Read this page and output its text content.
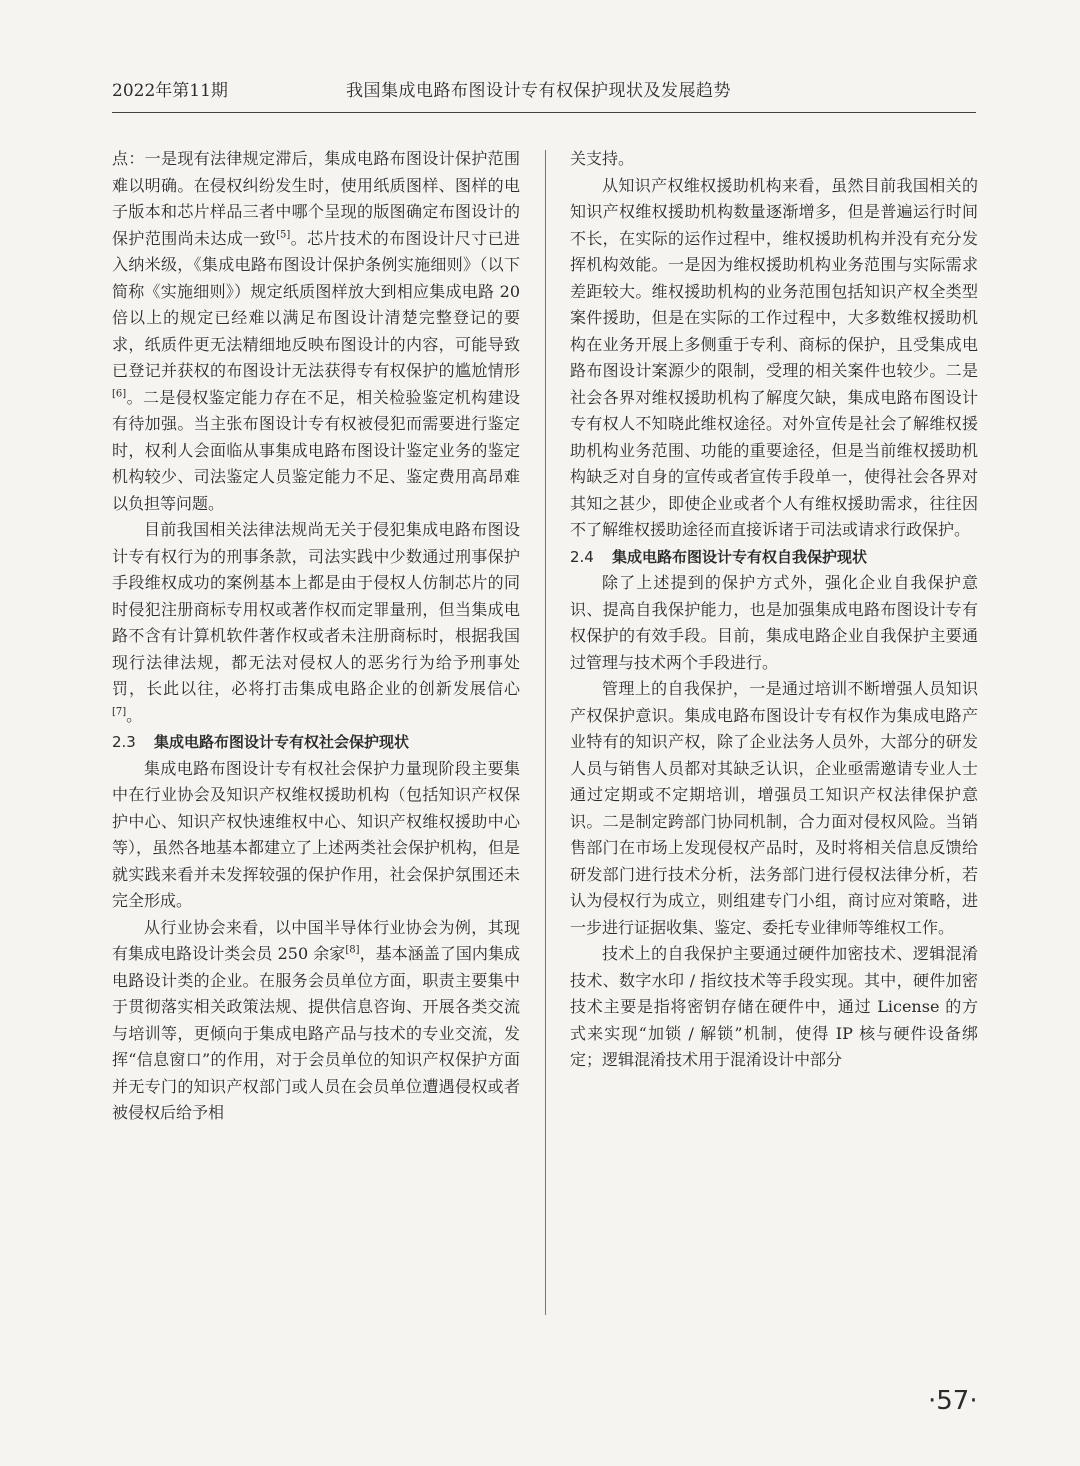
2022年第11期	我国集成电路布图设计专有权保护现状及发展趋势

点：一是现有法律规定滞后，集成电路布图设计保护范围难以明确。在侵权纠纷发生时，使用纸质图样、图样的电子版本和芯片样品三者中哪个呈现的版图确定布图设计的保护范围尚未达成一致[5]。芯片技术的布图设计尺寸已进入纳米级，《集成电路布图设计保护条例实施细则》（以下简称《实施细则》）规定纸质图样放大到相应集成电路 20 倍以上的规定已经难以满足布图设计清楚完整登记的要求，纸质件更无法精细地反映布图设计的内容，可能导致已登记并获权的布图设计无法获得专有权保护的尴尬情形[6]。二是侵权鉴定能力存在不足，相关检验鉴定机构建设有待加强。当主张布图设计专有权被侵犯而需要进行鉴定时，权利人会面临从事集成电路布图设计鉴定业务的鉴定机构较少、司法鉴定人员鉴定能力不足、鉴定费用高昂难以负担等问题。

目前我国相关法律法规尚无关于侵犯集成电路布图设计专有权行为的刑事条款，司法实践中少数通过刑事保护手段维权成功的案例基本上都是由于侵权人仿制芯片的同时侵犯注册商标专用权或著作权而定罪量刑，但当集成电路不含有计算机软件著作权或者未注册商标时，根据我国现行法律法规，都无法对侵权人的恶劣行为给予刑事处罚，长此以往，必将打击集成电路企业的创新发展信心[7]。

2.3 集成电路布图设计专有权社会保护现状

集成电路布图设计专有权社会保护力量现阶段主要集中在行业协会及知识产权维权援助机构（包括知识产权保护中心、知识产权快速维权中心、知识产权维权援助中心等），虽然各地基本都建立了上述两类社会保护机构，但是就实践来看并未发挥较强的保护作用，社会保护氛围还未完全形成。

从行业协会来看，以中国半导体行业协会为例，其现有集成电路设计类会员 250 余家[8]，基本涵盖了国内集成电路设计类的企业。在服务会员单位方面，职责主要集中于贯彻落实相关政策法规、提供信息咨询、开展各类交流与培训等，更倾向于集成电路产品与技术的专业交流，发挥“信息窗口”的作用，对于会员单位的知识产权保护方面并无专门的知识产权部门或人员在会员单位遭遇侵权或者被侵权后给予相

关支持。

从知识产权维权援助机构来看，虽然目前我国相关的知识产权维权援助机构数量逐渐增多，但是普遍运行时间不长，在实际的运作过程中，维权援助机构并没有充分发挥机构效能。一是因为维权援助机构业务范围与实际需求差距较大。维权援助机构的业务范围包括知识产权全类型案件援助，但是在实际的工作过程中，大多数维权援助机构在业务开展上多侧重于专利、商标的保护，且受集成电路布图设计案源少的限制，受理的相关案件也较少。二是社会各界对维权援助机构了解度欠缺，集成电路布图设计专有权人不知晓此维权途径。对外宣传是社会了解维权援助机构业务范围、功能的重要途径，但是当前维权援助机构缺乏对自身的宣传或者宣传手段单一，使得社会各界对其知之甚少，即使企业或者个人有维权援助需求，往往因不了解维权援助途径而直接诉诸于司法或请求行政保护。

2.4 集成电路布图设计专有权自我保护现状

除了上述提到的保护方式外，强化企业自我保护意识、提高自我保护能力，也是加强集成电路布图设计专有权保护的有效手段。目前，集成电路企业自我保护主要通过管理与技术两个手段进行。

管理上的自我保护，一是通过培训不断增强人员知识产权保护意识。集成电路布图设计专有权作为集成电路产业特有的知识产权，除了企业法务人员外，大部分的研发人员与销售人员都对其缺乏认识，企业亟需邀请专业人士通过定期或不定期培训，增强员工知识产权法律保护意识。二是制定跨部门协同机制，合力面对侵权风险。当销售部门在市场上发现侵权产品时，及时将相关信息反馈给研发部门进行技术分析，法务部门进行侵权法律分析，若认为侵权行为成立，则组建专门小组，商讨应对策略，进一步进行证据收集、鉴定、委托专业律师等维权工作。

技术上的自我保护主要通过硬件加密技术、逻辑混淆技术、数字水印 / 指纹技术等手段实现。其中，硬件加密技术主要是指将密钥存储在硬件中，通过 License 的方式来实现“加锁 / 解锁”机制，使得 IP 核与硬件设备绑定；逻辑混淆技术用于混淆设计中部分

·57·
